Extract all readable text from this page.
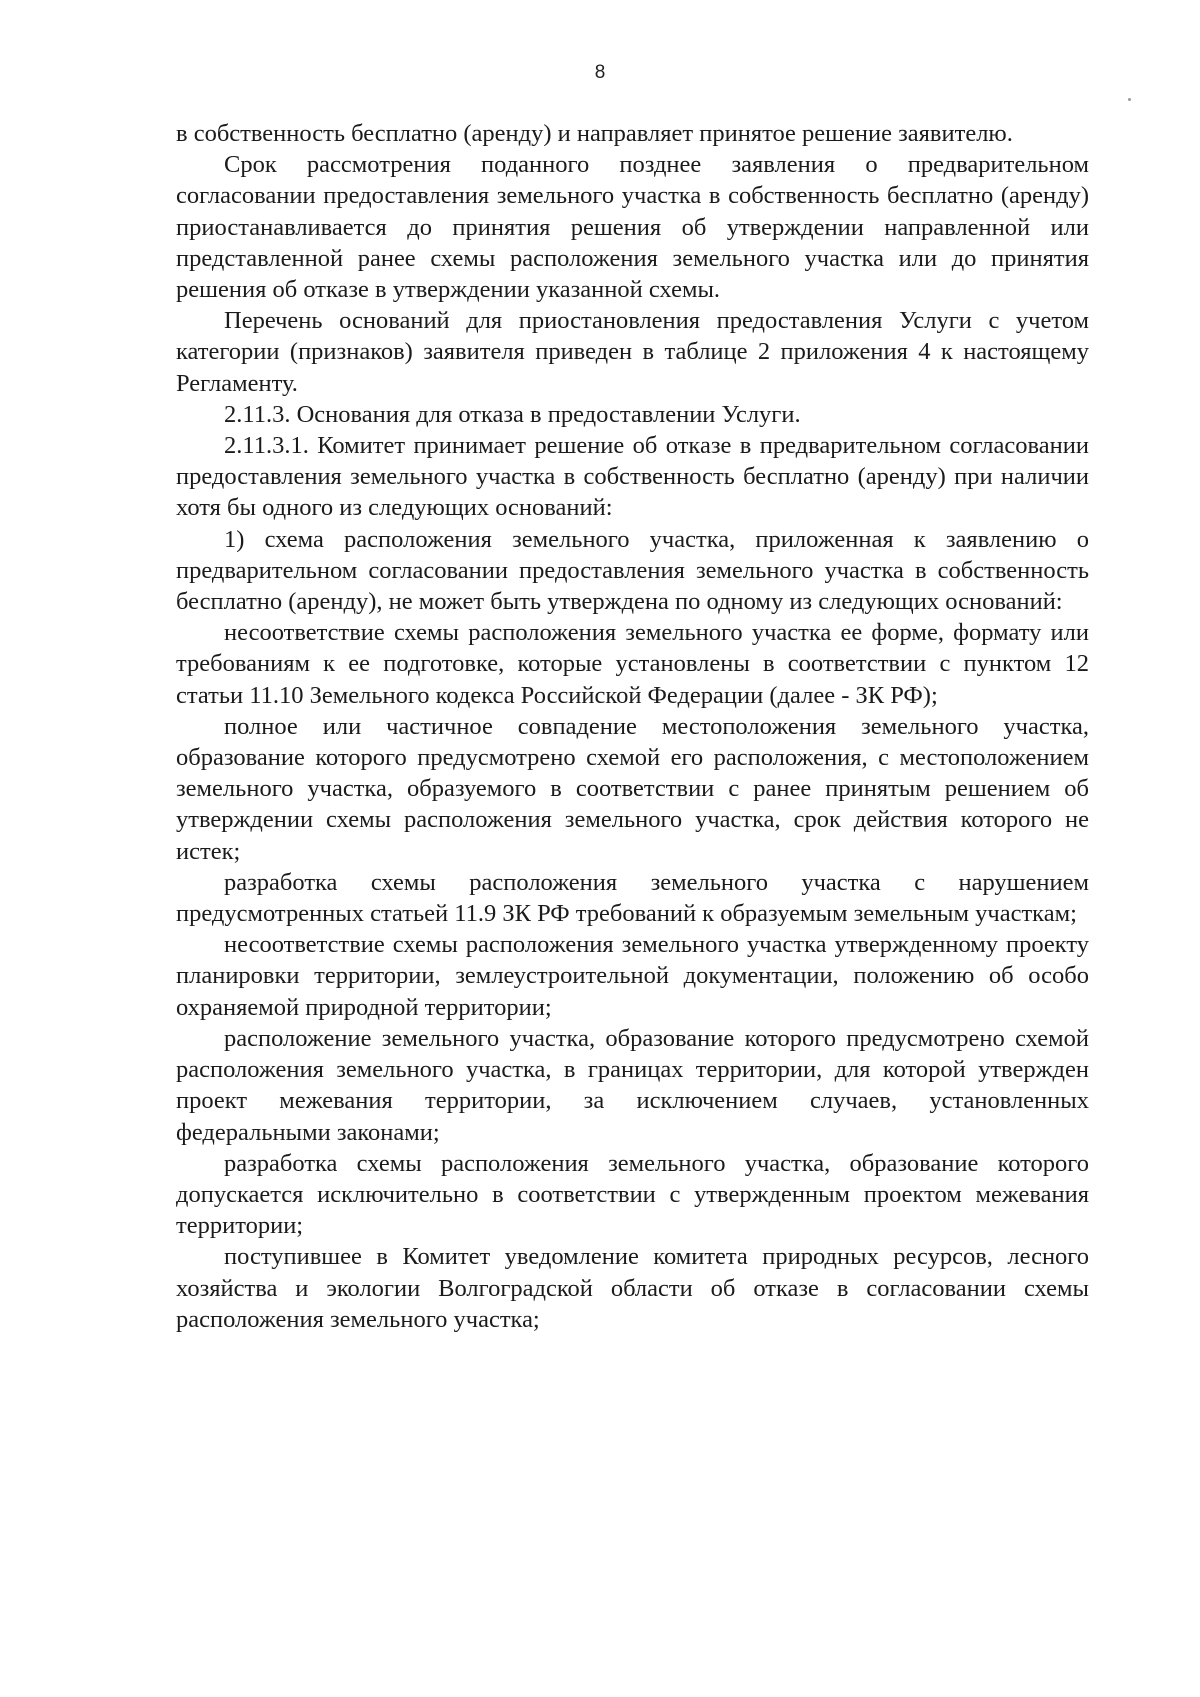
8

в собственность бесплатно (аренду) и направляет принятое решение заявителю.

Срок рассмотрения поданного позднее заявления о предварительном согласовании предоставления земельного участка в собственность бесплатно (аренду) приостанавливается до принятия решения об утверждении направленной или представленной ранее схемы расположения земельного участка или до принятия решения об отказе в утверждении указанной схемы.

Перечень оснований для приостановления предоставления Услуги с учетом категории (признаков) заявителя приведен в таблице 2 приложения 4 к настоящему Регламенту.

2.11.3. Основания для отказа в предоставлении Услуги.

2.11.3.1. Комитет принимает решение об отказе в предварительном согласовании предоставления земельного участка в собственность бесплатно (аренду) при наличии хотя бы одного из следующих оснований:

1) схема расположения земельного участка, приложенная к заявлению о предварительном согласовании предоставления земельного участка в собственность бесплатно (аренду), не может быть утверждена по одному из следующих оснований:

несоответствие схемы расположения земельного участка ее форме, формату или требованиям к ее подготовке, которые установлены в соответствии с пунктом 12 статьи 11.10 Земельного кодекса Российской Федерации (далее - ЗК РФ);

полное или частичное совпадение местоположения земельного участка, образование которого предусмотрено схемой его расположения, с местоположением земельного участка, образуемого в соответствии с ранее принятым решением об утверждении схемы расположения земельного участка, срок действия которого не истек;

разработка схемы расположения земельного участка с нарушением предусмотренных статьей 11.9 ЗК РФ требований к образуемым земельным участкам;

несоответствие схемы расположения земельного участка утвержденному проекту планировки территории, землеустроительной документации, положению об особо охраняемой природной территории;

расположение земельного участка, образование которого предусмотрено схемой расположения земельного участка, в границах территории, для которой утвержден проект межевания территории, за исключением случаев, установленных федеральными законами;

разработка схемы расположения земельного участка, образование которого допускается исключительно в соответствии с утвержденным проектом межевания территории;

поступившее в Комитет уведомление комитета природных ресурсов, лесного хозяйства и экологии Волгоградской области об отказе в согласовании схемы расположения земельного участка;
